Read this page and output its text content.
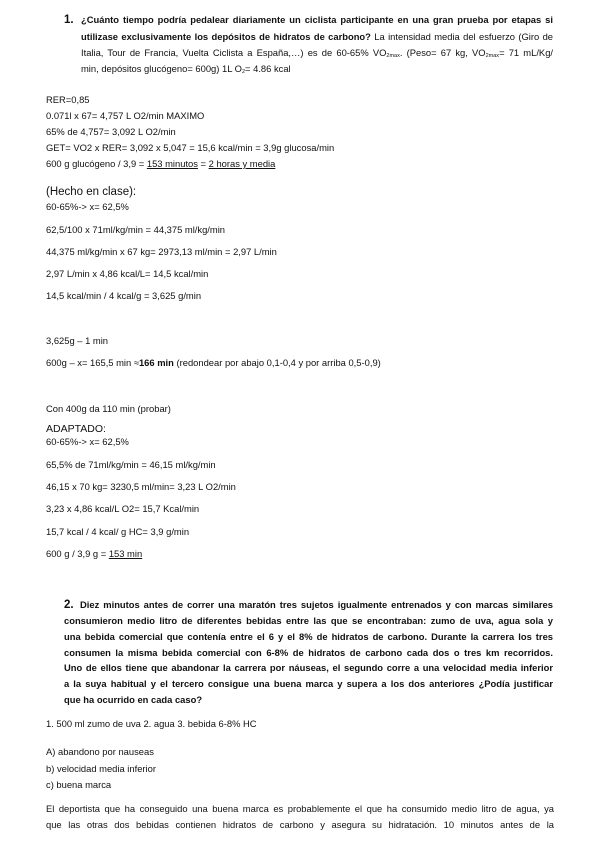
1. ¿Cuánto tiempo podría pedalear diariamente un ciclista participante en una gran prueba por etapas si
utilizase exclusivamente los depósitos de hidratos de carbono? La intensidad media del esfuerzo (Giro de
Italia, Tour de Francia, Vuelta Ciclista a España,…) es de 60-65% VO2max. (Peso= 67 kg, VO2max= 71 mL/Kg/
min, depósitos glucógeno= 600g) 1L O2= 4.86 kcal
RER=0,85
0.071l x 67= 4,757 L O2/min MAXIMO
65% de 4,757= 3,092 L O2/min
GET= VO2 x RER= 3,092 x 5,047 = 15,6 kcal/min = 3,9g glucosa/min
600 g glucógeno / 3,9 = 153 minutos = 2 horas y media
(Hecho en clase):
60-65%-> x= 62,5%
62,5/100 x 71ml/kg/min = 44,375 ml/kg/min
44,375 ml/kg/min x 67 kg= 2973,13 ml/min = 2,97 L/min
2,97 L/min x 4,86 kcal/L= 14,5 kcal/min
14,5 kcal/min / 4 kcal/g = 3,625 g/min
3,625g – 1 min
600g – x= 165,5 min ≈166 min (redondear por abajo 0,1-0,4 y por arriba 0,5-0,9)
Con 400g da 110 min (probar)
ADAPTADO:
60-65%-> x= 62,5%
65,5% de 71ml/kg/min = 46,15 ml/kg/min
46,15 x 70 kg= 3230,5 ml/min= 3,23 L O2/min
3,23 x 4,86 kcal/L O2= 15,7 Kcal/min
15,7 kcal / 4 kcal/ g HC= 3,9 g/min
600 g / 3,9 g = 153 min
2. Diez minutos antes de correr una maratón tres sujetos igualmente entrenados y con marcas similares
consumieron medio litro de diferentes bebidas entre las que se encontraban: zumo de uva, agua sola y
una bebida comercial que contenía entre el 6 y el 8% de hidratos de carbono. Durante la carrera los tres
consumen la misma bebida comercial con 6-8% de hidratos de carbono cada dos o tres km recorridos.
Uno de ellos tiene que abandonar la carrera por náuseas, el segundo corre a una velocidad media inferior
a la suya habitual y el tercero consigue una buena marca y supera a los dos anteriores ¿Podía justificar
que ha ocurrido en cada caso?
1. 500 ml zumo de uva 2. agua 3. bebida 6-8% HC
A) abandono por nauseas
b) velocidad media inferior
c) buena marca
El deportista que ha conseguido una buena marca es probablemente el que ha consumido medio litro de agua, ya
que las otras dos bebidas contienen hidratos de carbono y asegura su hidratación. 10 minutos antes de la
